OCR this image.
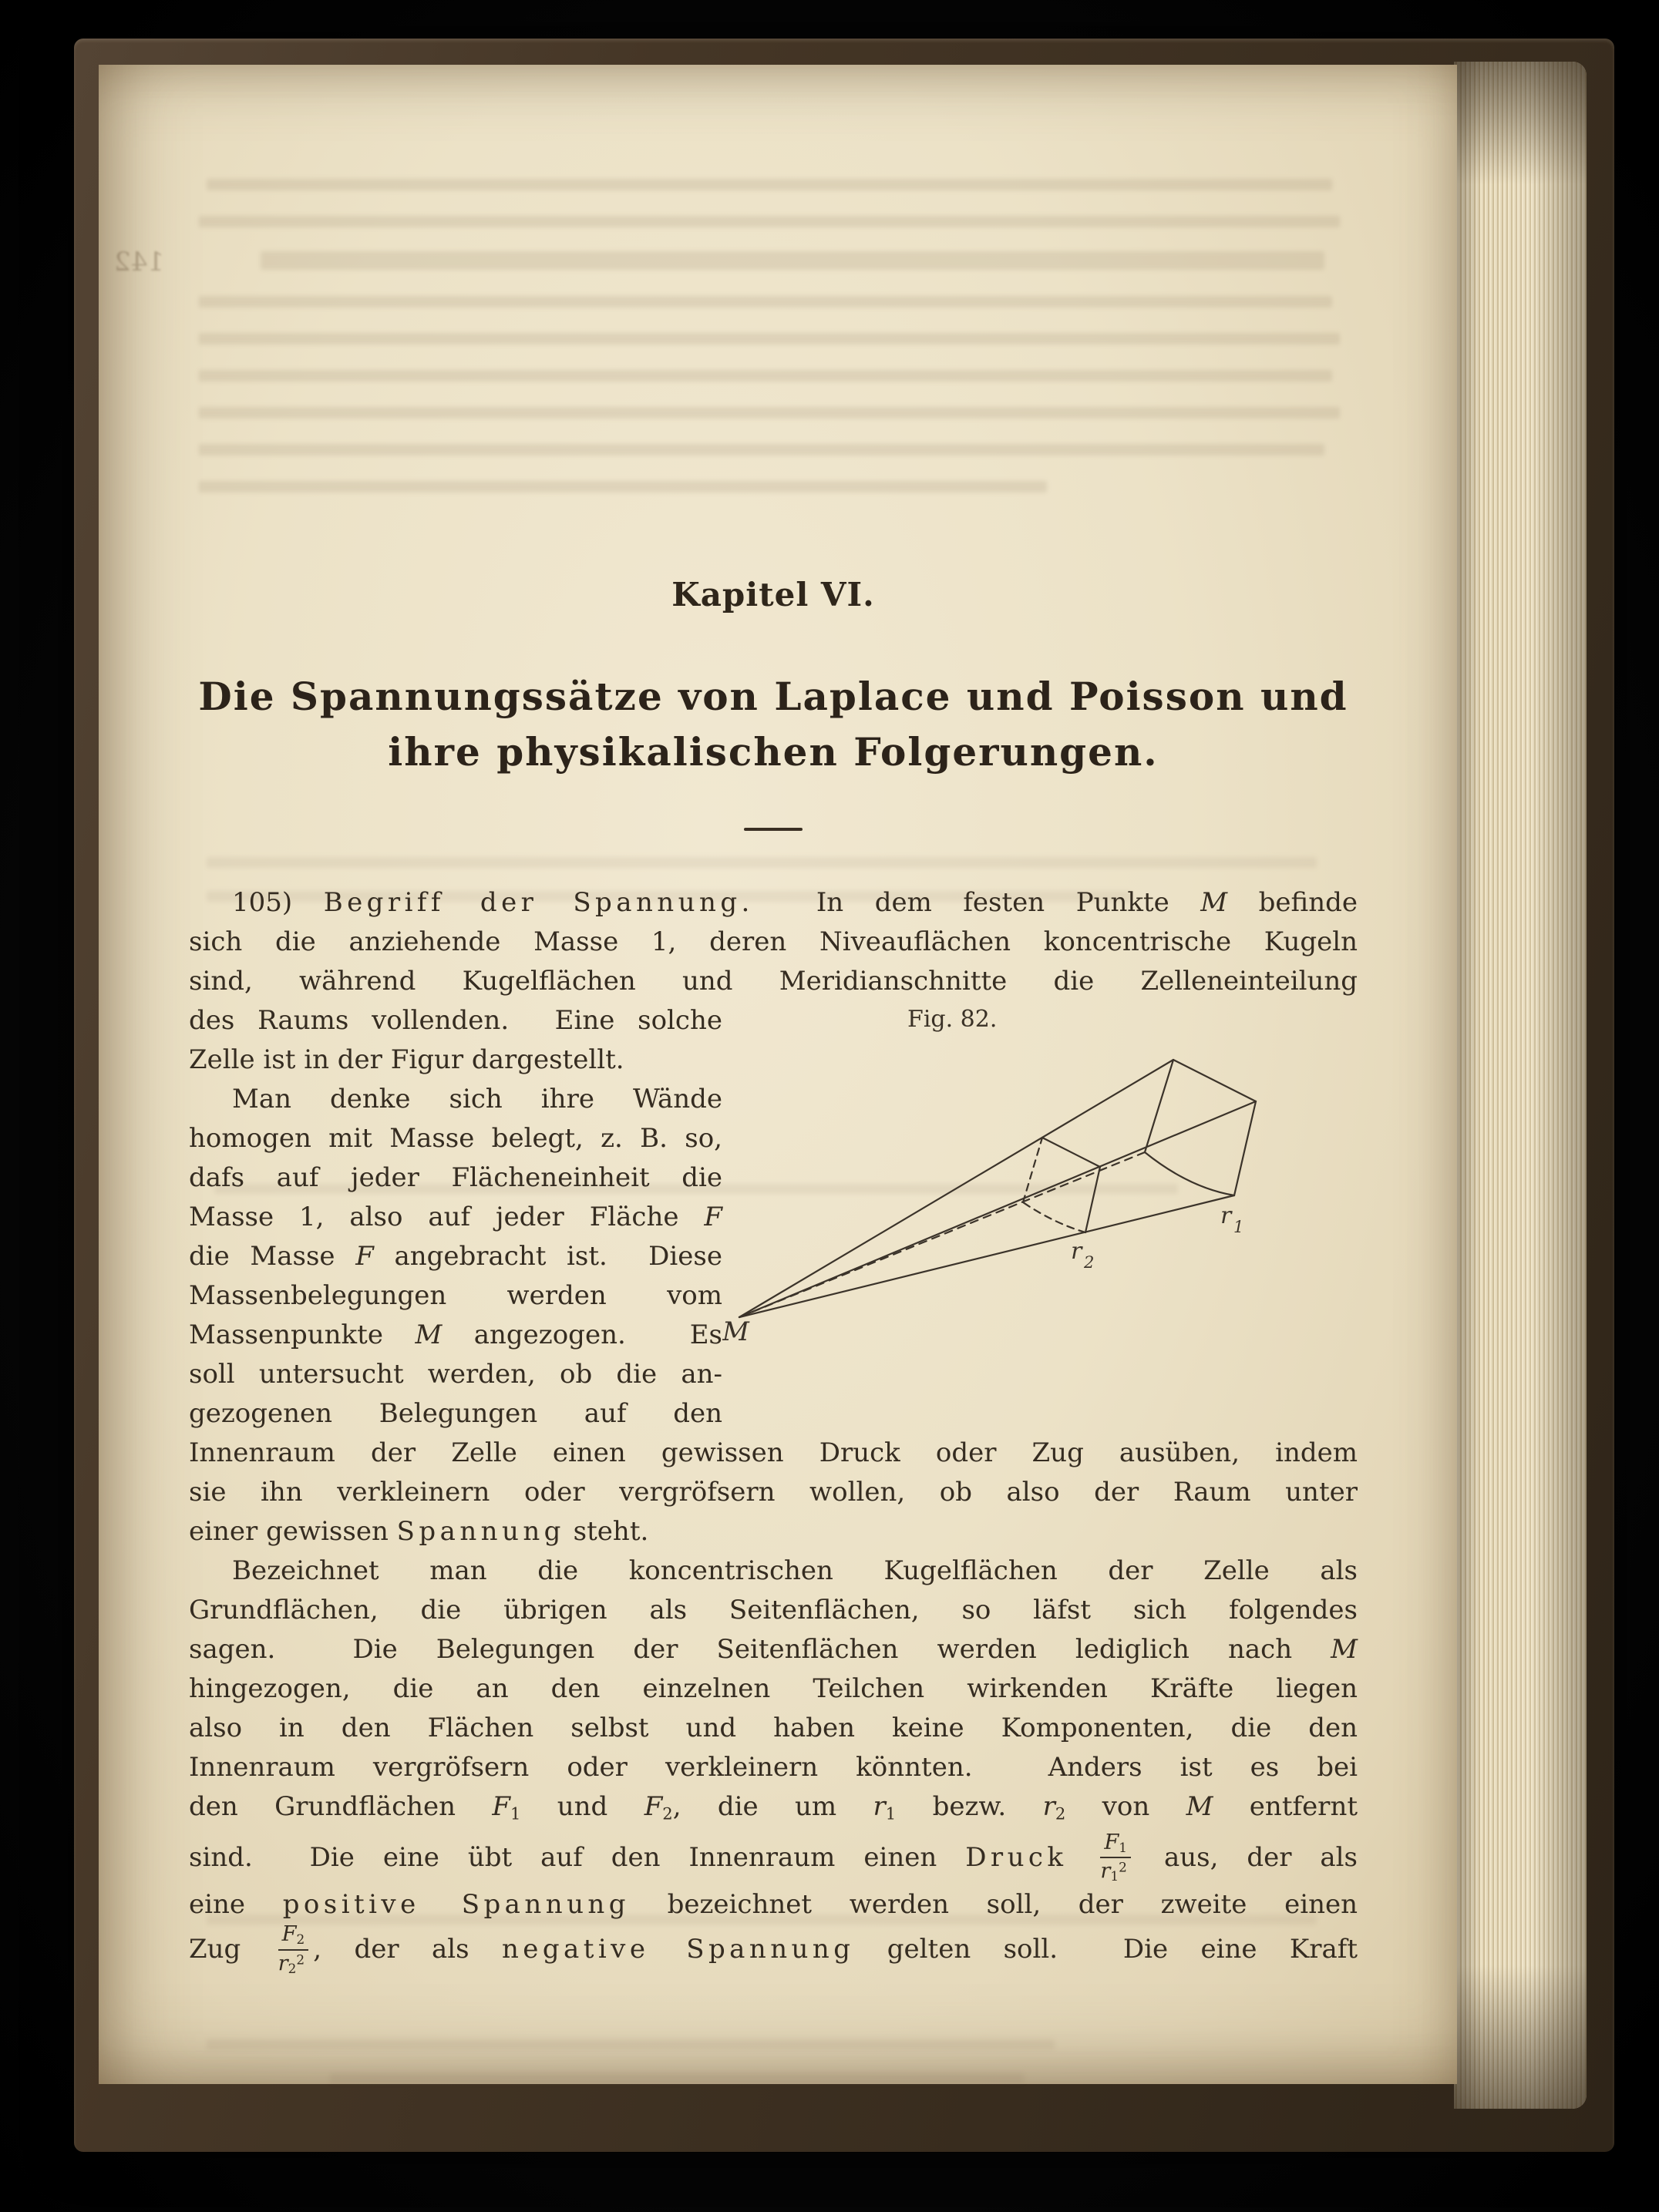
142
Kapitel VI.
Die Spannungssätze von Laplace und Poisson und
ihre physikalischen Folgerungen.
105) Begriff der Spannung.  In dem festen Punkte M befinde
sich die anziehende Masse 1, deren Niveauflächen koncentrische Kugeln
sind, während Kugelflächen und Meridianschnitte die Zelleneinteilung
des Raums vollenden.  Eine solche
Zelle ist in der Figur dargestellt.
Man denke sich ihre Wände
homogen mit Masse belegt, z. B. so,
dafs auf jeder Flächeneinheit die
Masse 1, also auf jeder Fläche F
die Masse F angebracht ist.  Diese
Massenbelegungen werden vom
Massenpunkte M angezogen.  Es
soll untersucht werden, ob die an-
gezogenen Belegungen auf den
Fig. 82.
M
r 1
r 2
Innenraum der Zelle einen gewissen Druck oder Zug ausüben, indem
sie ihn verkleinern oder vergröfsern wollen, ob also der Raum unter
einer gewissen Spannung steht.
Bezeichnet man die koncentrischen Kugelflächen der Zelle als
Grundflächen, die übrigen als Seitenflächen, so läfst sich folgendes
sagen.  Die Belegungen der Seitenflächen werden lediglich nach M
hingezogen, die an den einzelnen Teilchen wirkenden Kräfte liegen
also in den Flächen selbst und haben keine Komponenten, die den
Innenraum vergröfsern oder verkleinern könnten.  Anders ist es bei
den Grundflächen $F_1$ und $F_2$, die um $r_1$ bezw. $r_2$ von M entfernt
sind.  Die eine übt auf den Innenraum einen Druck $\frac{F_1}{r_1^2}$ aus, der als
eine positive Spannung bezeichnet werden soll, der zweite einen
Zug $\frac{F_2}{r_2^2}$ , der als negative Spannung gelten soll.  Die eine Kraft
